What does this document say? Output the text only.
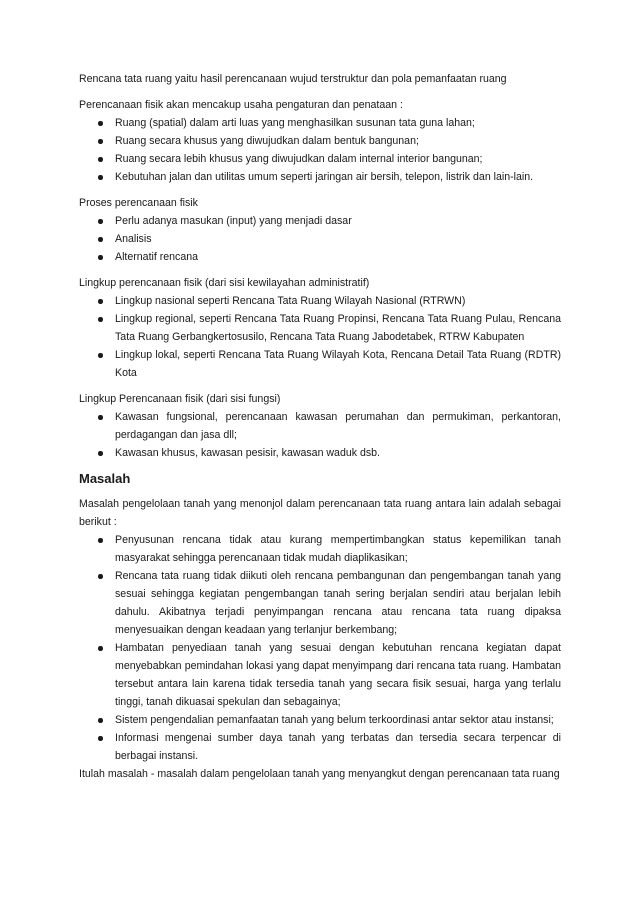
Rencana tata ruang yaitu hasil perencanaan wujud terstruktur dan pola pemanfaatan ruang

Perencanaan fisik akan mencakup usaha pengaturan dan penataan :

Ruang (spatial) dalam arti luas yang menghasilkan susunan tata guna lahan;
Ruang secara khusus yang diwujudkan dalam bentuk bangunan;
Ruang secara lebih khusus yang diwujudkan dalam internal interior bangunan;
Kebutuhan jalan dan utilitas umum seperti jaringan air bersih, telepon, listrik dan lain-lain.

Proses perencanaan fisik

Perlu adanya masukan (input) yang menjadi dasar
Analisis
Alternatif rencana

Lingkup perencanaan fisik (dari sisi kewilayahan administratif)

Lingkup nasional seperti Rencana Tata Ruang Wilayah Nasional (RTRWN)
Lingkup regional, seperti Rencana Tata Ruang Propinsi, Rencana Tata Ruang Pulau, Rencana Tata Ruang Gerbangkertosusilo, Rencana Tata Ruang Jabodetabek, RTRW Kabupaten
Lingkup lokal, seperti Rencana Tata Ruang Wilayah Kota, Rencana Detail Tata Ruang (RDTR) Kota

Lingkup Perencanaan fisik (dari sisi fungsi)

Kawasan fungsional, perencanaan kawasan perumahan dan permukiman, perkantoran, perdagangan dan jasa dll;
Kawasan khusus, kawasan pesisir, kawasan waduk dsb.
Masalah

Masalah pengelolaan tanah yang menonjol dalam perencanaan tata ruang antara lain adalah sebagai berikut :

Penyusunan rencana tidak atau kurang mempertimbangkan status kepemilikan tanah masyarakat sehingga perencanaan tidak mudah diaplikasikan;
Rencana tata ruang tidak diikuti oleh rencana pembangunan dan pengembangan tanah yang sesuai sehingga kegiatan pengembangan tanah sering berjalan sendiri atau berjalan lebih dahulu. Akibatnya terjadi penyimpangan rencana atau rencana tata ruang dipaksa menyesuaikan dengan keadaan yang terlanjur berkembang;
Hambatan penyediaan tanah yang sesuai dengan kebutuhan rencana kegiatan dapat menyebabkan pemindahan lokasi yang dapat menyimpang dari rencana tata ruang. Hambatan tersebut antara lain karena tidak tersedia tanah yang secara fisik sesuai, harga yang terlalu tinggi, tanah dikuasai spekulan dan sebagainya;
Sistem pengendalian pemanfaatan tanah yang belum terkoordinasi antar sektor atau instansi;
Informasi mengenai sumber daya tanah yang terbatas dan tersedia secara terpencar di berbagai instansi.

Itulah masalah - masalah dalam pengelolaan tanah yang menyangkut dengan perencanaan tata ruang
